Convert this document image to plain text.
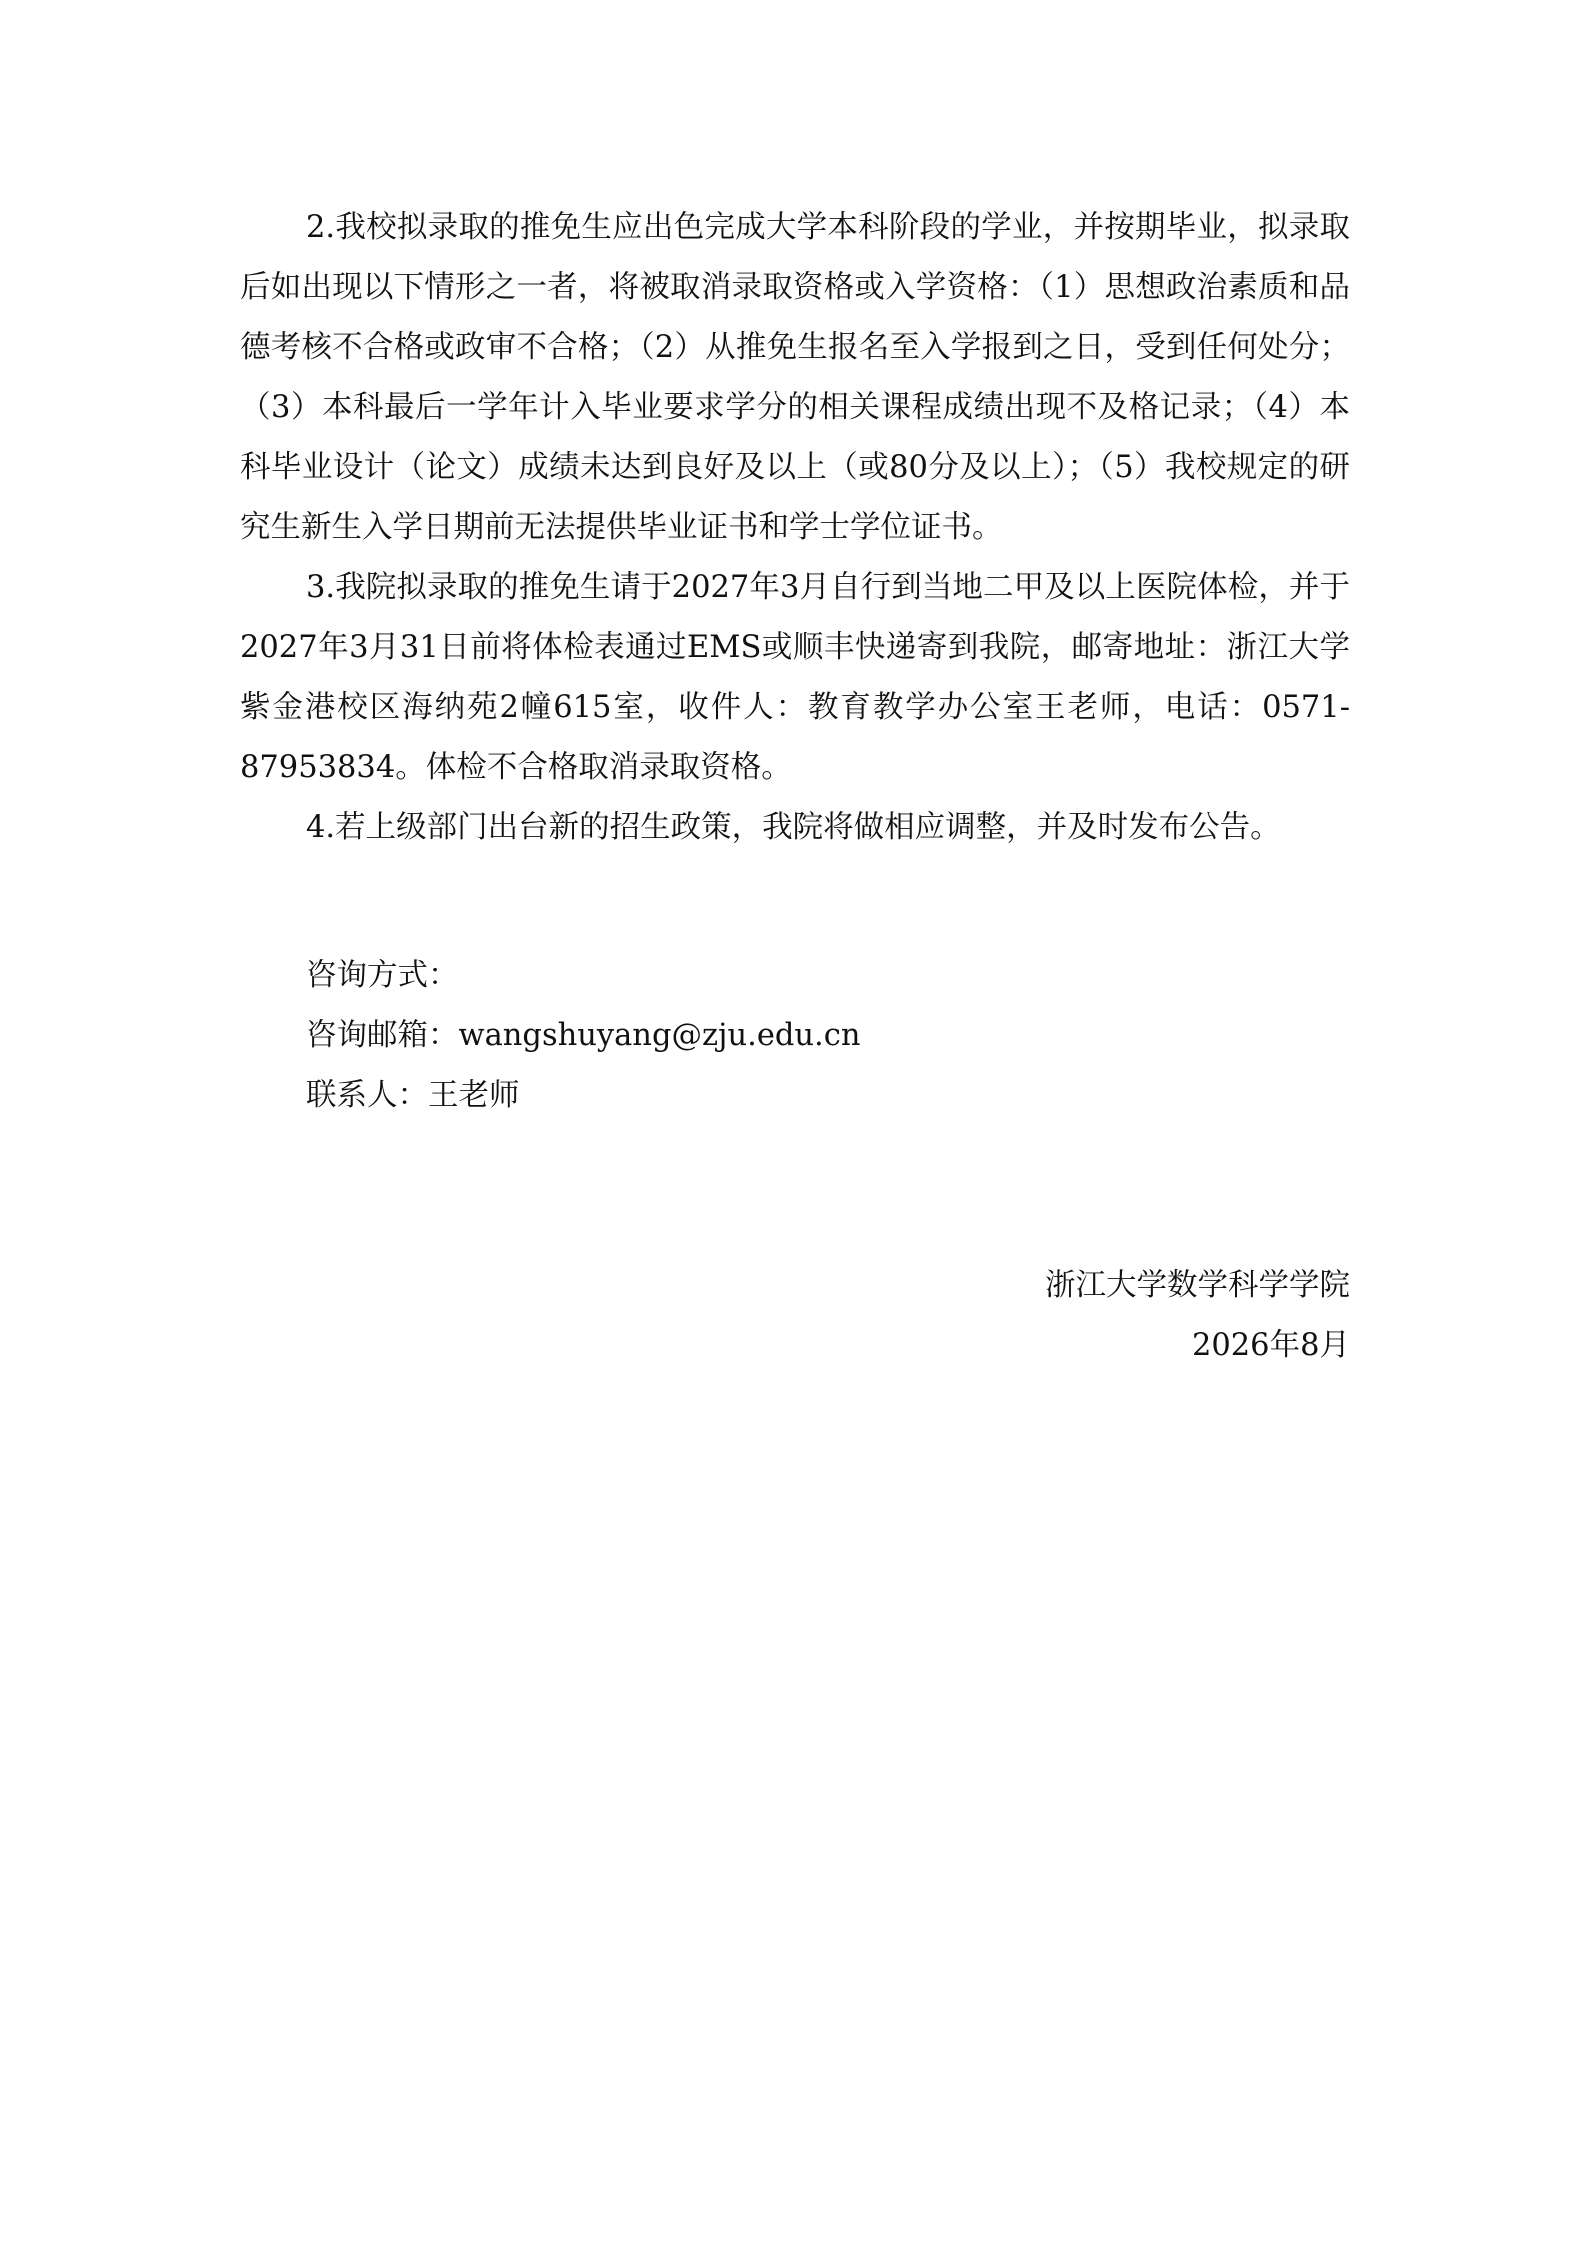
2.我校拟录取的推免生应出色完成大学本科阶段的学业，并按期毕业，拟录取后如出现以下情形之一者，将被取消录取资格或入学资格：（1）思想政治素质和品德考核不合格或政审不合格；（2）从推免生报名至入学报到之日，受到任何处分；（3）本科最后一学年计入毕业要求学分的相关课程成绩出现不及格记录；（4）本科毕业设计（论文）成绩未达到良好及以上（或80分及以上）；（5）我校规定的研究生新生入学日期前无法提供毕业证书和学士学位证书。

3.我院拟录取的推免生请于2027年3月自行到当地二甲及以上医院体检，并于2027年3月31日前将体检表通过EMS或顺丰快递寄到我院，邮寄地址：浙江大学紫金港校区海纳苑2幢615室，收件人：教育教学办公室王老师，电话：0571-87953834。体检不合格取消录取资格。

4.若上级部门出台新的招生政策，我院将做相应调整，并及时发布公告。

咨询方式：

咨询邮箱：wangshuyang@zju.edu.cn

联系人：王老师

浙江大学数学科学学院

2026年8月
